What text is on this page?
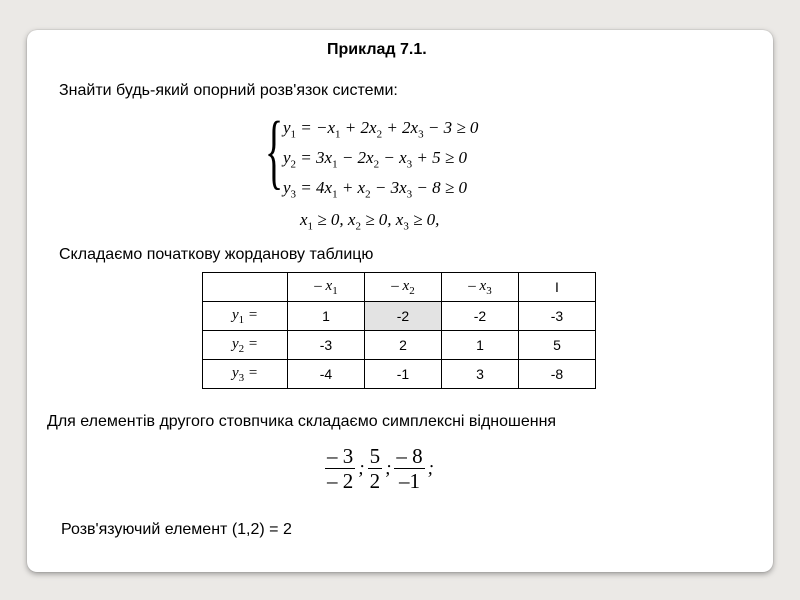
Приклад 7.1.
Знайти будь-який опорний розв'язок системи:
{ $y_1 = -x_1 + 2x_2 + 2x_3 - 3 \ge 0$
$y_2 = 3x_1 - 2x_2 - x_3 + 5 \ge 0$
$y_3 = 4x_1 + x_2 - 3x_3 - 8 \ge 0$
$x_1 \ge 0$, $x_2 \ge 0$, $x_3 \ge 0$,
Складаємо початкову жорданову таблицю
	– $x_1$	– $x_2$	– $x_3$	I
$y_1$ =	1	-2	-2	-3
$y_2$ =	-3	2	1	5
$y_3$ =	-4	-1	3	-8
Для елементів другого стовпчика складаємо симплексні відношення
$\frac{- 3}{- 2}$ ; $\frac{5}{2}$ ; $\frac{- 8}{-1}$ ;
Розв'язуючий елемент (1,2) = 2
